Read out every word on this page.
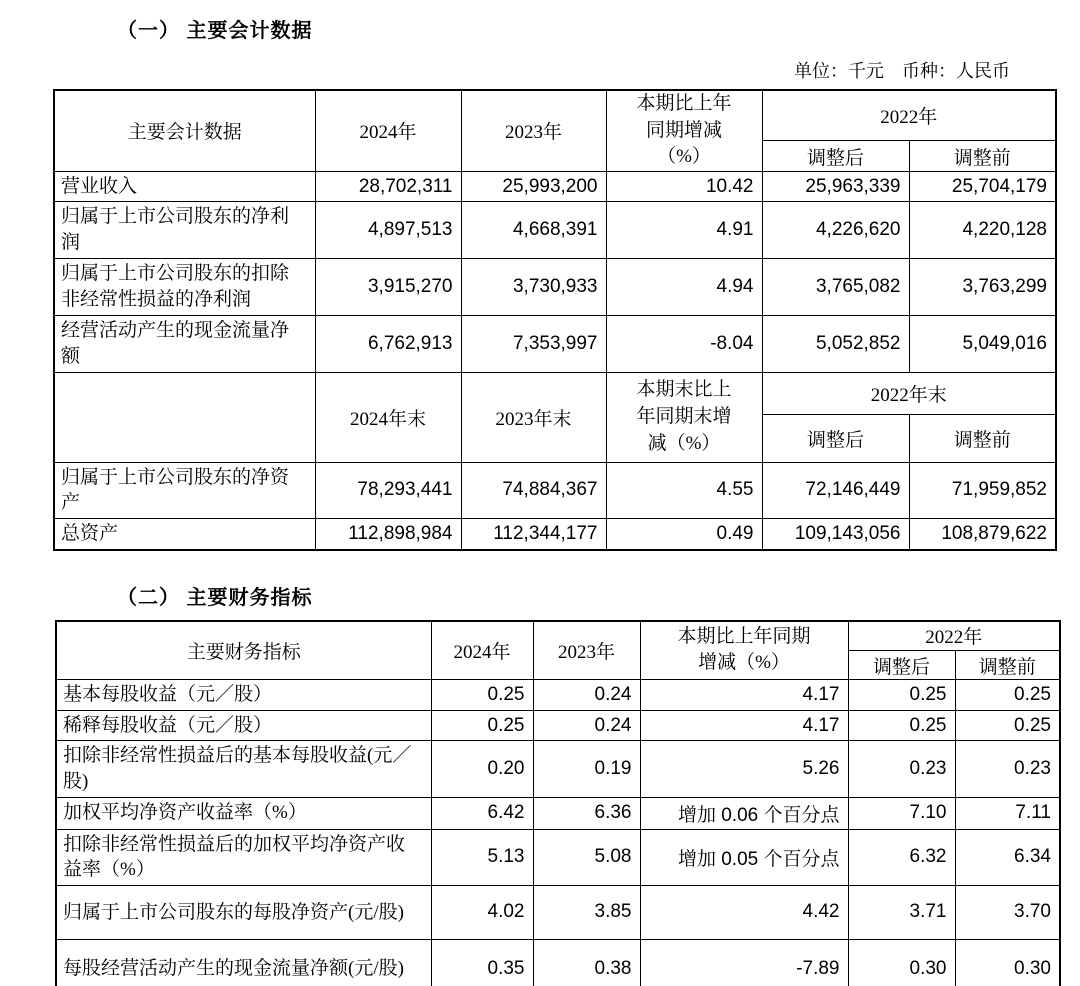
（一） 主要会计数据
单位：千元　币种：人民币
主要会计数据	2024年	2023年	本期比上年同期增减（%）	2022年	
				调整后	调整前
营业收入	28,702,311	25,993,200	10.42	25,963,339	25,704,179
归属于上市公司股东的净利润	4,897,513	4,668,391	4.91	4,226,620	4,220,128
归属于上市公司股东的扣除非经常性损益的净利润	3,915,270	3,730,933	4.94	3,765,082	3,763,299
经营活动产生的现金流量净额	6,762,913	7,353,997	-8.04	5,052,852	5,049,016
	2024年末	2023年末	本期末比上年同期末增减（%）	2022年末	
				调整后	调整前
归属于上市公司股东的净资产	78,293,441	74,884,367	4.55	72,146,449	71,959,852
总资产	112,898,984	112,344,177	0.49	109,143,056	108,879,622
（二） 主要财务指标
主要财务指标	2024年	2023年	本期比上年同期增减（%）	2022年	
				调整后	调整前
基本每股收益（元／股）	0.25	0.24	4.17	0.25	0.25
稀释每股收益（元／股）	0.25	0.24	4.17	0.25	0.25
扣除非经常性损益后的基本每股收益(元／股)	0.20	0.19	5.26	0.23	0.23
加权平均净资产收益率（%）	6.42	6.36	增加 0.06 个百分点	7.10	7.11
扣除非经常性损益后的加权平均净资产收益率（%）	5.13	5.08	增加 0.05 个百分点	6.32	6.34
归属于上市公司股东的每股净资产(元/股)	4.02	3.85	4.42	3.71	3.70
每股经营活动产生的现金流量净额(元/股)	0.35	0.38	-7.89	0.30	0.30
